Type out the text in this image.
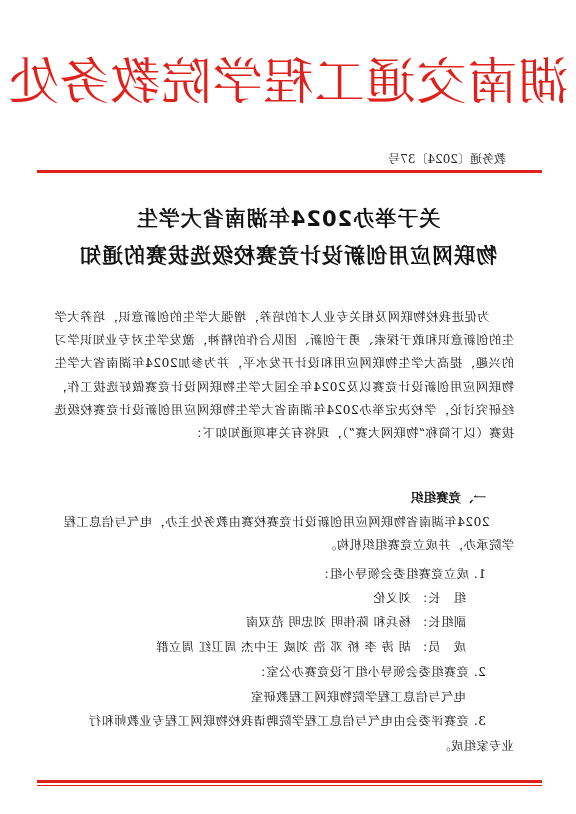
湖南交通工程学院教务处
教务通〔2024〕37号
关于举办2024年湖南省大学生
物联网应用创新设计竞赛校级选拔赛的通知
为促进我校物联网及相关专业人才的培养，增强大学生的创新意识，培养大学生的创新意识和敢于探索、勇于创新、团队合作的精神，激发学生对专业知识学习的兴趣，提高大学生物联网应用和设计开发水平，并为参加2024年湖南省大学生物联网应用创新设计竞赛以及2024年全国大学生物联网设计竞赛做好选拔工作，经研究讨论，学校决定举办2024年湖南省大学生物联网应用创新设计竞赛校级选拔赛（以下简称“物联网大赛”），现将有关事项通知如下：
一、竞赛组织
2024年湖南省物联网应用创新设计竞赛校赛由教务处主办，电气与信息工程学院承办，并成立竞赛组织机构。
1. 成立竞赛组委会领导小组：
组　长： 刘义伦
副组长： 杨兵和 陈伟明 刘忠明 范双南
成　员： 胡 涛 李 桥 邓 浩 刘威 王中杰 周卫红 周立群
2. 竞赛组委会领导小组下设竞赛办公室：
电气与信息工程学院物联网工程教研室
3. 竞赛评委会由电气与信息工程学院聘请我校物联网工程专业教师和行
业专家组成。
